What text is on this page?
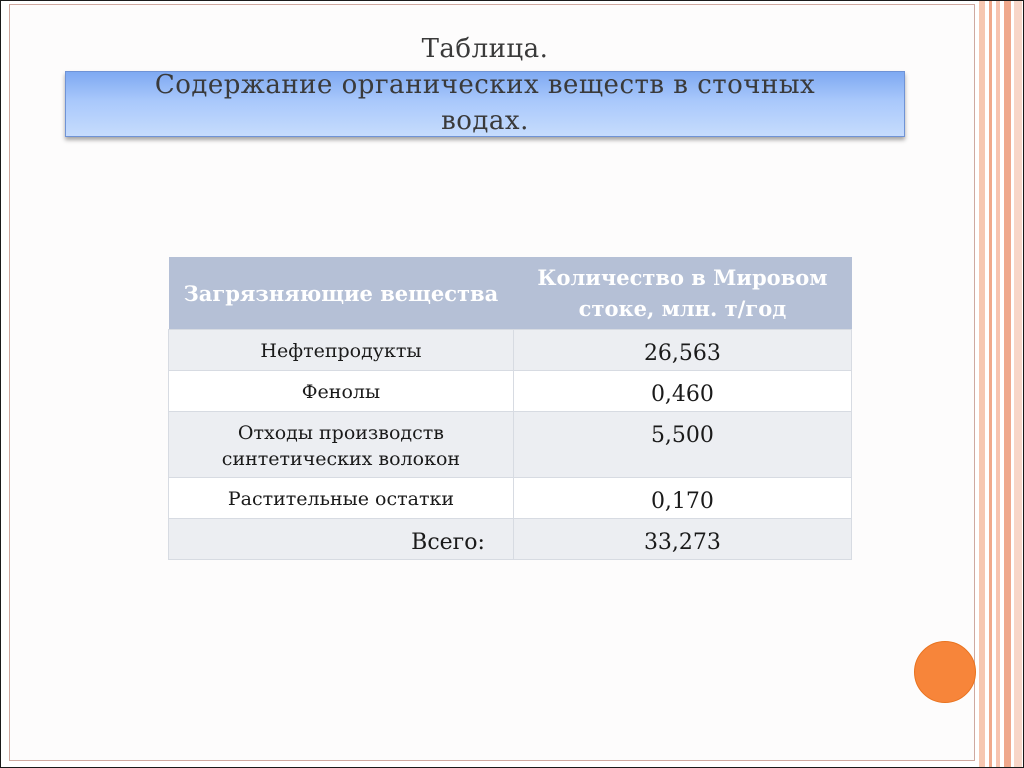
Таблица.
Содержание органических веществ в сточных
водах.
Загрязняющие вещества	Количество в Мировом стоке, млн. т/год
Нефтепродукты	26,563
Фенолы	0,460
Отходы производств синтетических волокон	5,500
Растительные остатки	0,170
Всего:	33,273
